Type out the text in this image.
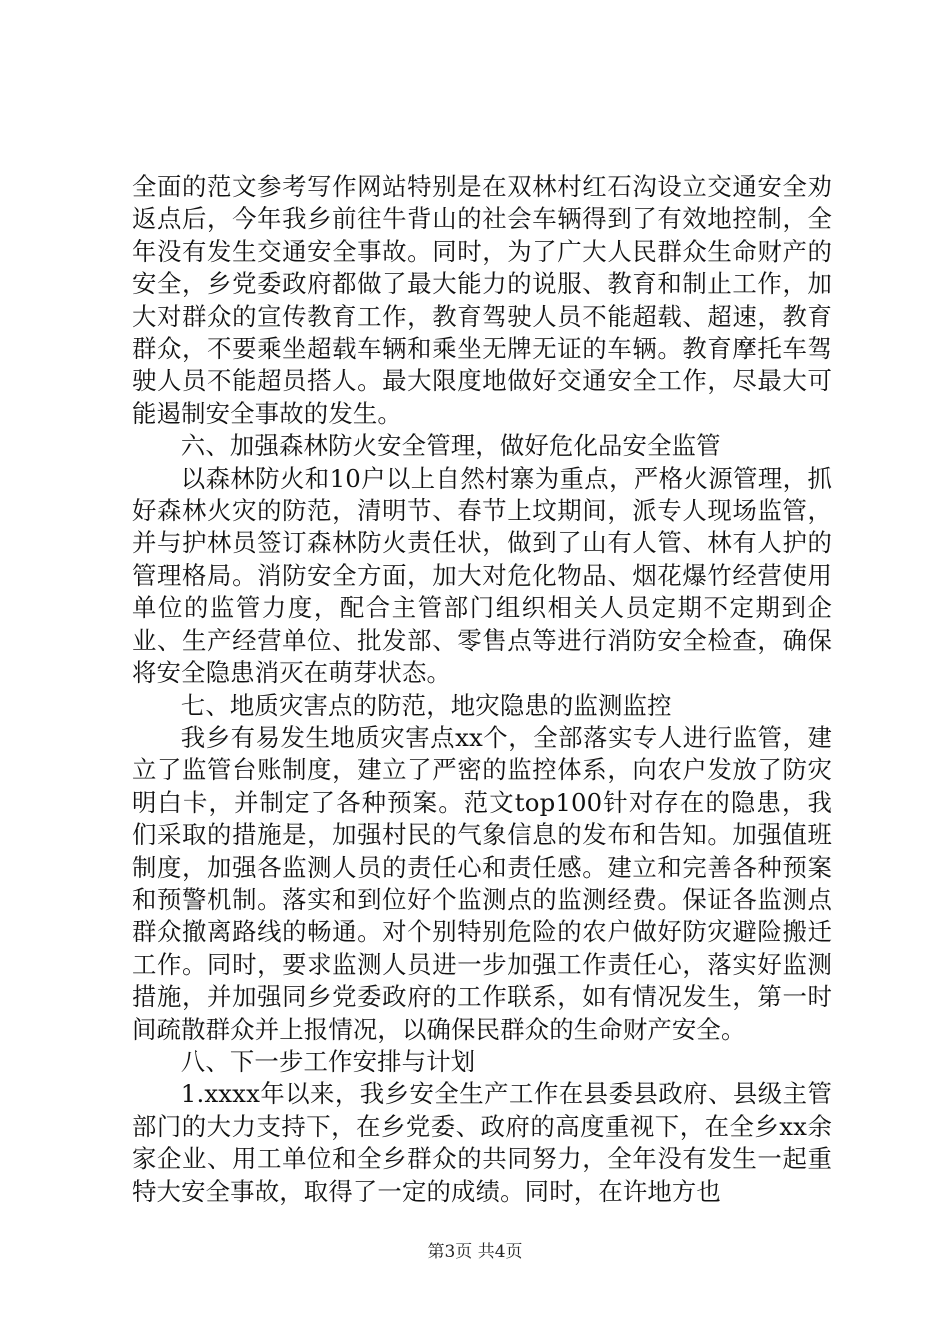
全面的范文参考写作网站特别是在双林村红石沟设立交通安全劝返点后，今年我乡前往牛背山的社会车辆得到了有效地控制，全年没有发生交通安全事故。同时，为了广大人民群众生命财产的安全，乡党委政府都做了最大能力的说服、教育和制止工作，加大对群众的宣传教育工作，教育驾驶人员不能超载、超速，教育群众，不要乘坐超载车辆和乘坐无牌无证的车辆。教育摩托车驾驶人员不能超员搭人。最大限度地做好交通安全工作，尽最大可能遏制安全事故的发生。

六、加强森林防火安全管理，做好危化品安全监管

以森林防火和10户以上自然村寨为重点，严格火源管理，抓好森林火灾的防范，清明节、春节上坟期间，派专人现场监管，并与护林员签订森林防火责任状，做到了山有人管、林有人护的管理格局。消防安全方面，加大对危化物品、烟花爆竹经营使用单位的监管力度，配合主管部门组织相关人员定期不定期到企业、生产经营单位、批发部、零售点等进行消防安全检查，确保将安全隐患消灭在萌芽状态。

七、地质灾害点的防范，地灾隐患的监测监控

我乡有易发生地质灾害点xx个，全部落实专人进行监管，建立了监管台账制度，建立了严密的监控体系，向农户发放了防灾明白卡，并制定了各种预案。范文top100针对存在的隐患，我们采取的措施是，加强村民的气象信息的发布和告知。加强值班制度，加强各监测人员的责任心和责任感。建立和完善各种预案和预警机制。落实和到位好个监测点的监测经费。保证各监测点群众撤离路线的畅通。对个别特别危险的农户做好防灾避险搬迁工作。同时，要求监测人员进一步加强工作责任心，落实好监测措施，并加强同乡党委政府的工作联系，如有情况发生，第一时间疏散群众并上报情况，以确保民群众的生命财产安全。

八、下一步工作安排与计划

1.xxxx年以来，我乡安全生产工作在县委县政府、县级主管部门的大力支持下，在乡党委、政府的高度重视下，在全乡xx余家企业、用工单位和全乡群众的共同努力，全年没有发生一起重特大安全事故，取得了一定的成绩。同时，在许地方也

第3页 共4页
